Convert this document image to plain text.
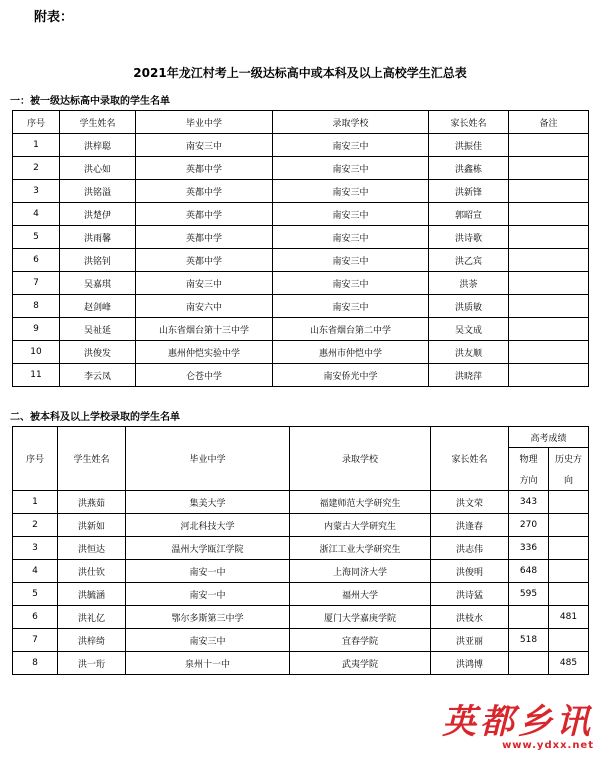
附表：
2021年龙江村考上一级达标高中或本科及以上高校学生汇总表
一：被一级达标高中录取的学生名单
序号	学生姓名	毕业中学	录取学校	家长姓名	备注
1	洪梓聪	南安三中	南安三中	洪振佳	
2	洪心如	英都中学	南安三中	洪鑫栋	
3	洪铭溢	英都中学	南安三中	洪新锋	
4	洪楚伊	英都中学	南安三中	郭昭宣	
5	洪雨馨	英都中学	南安三中	洪诗歌	
6	洪铭钊	英都中学	南安三中	洪乙宾	
7	吴嘉琪	南安三中	南安三中	洪荼	
8	赵剑峰	南安六中	南安三中	洪质敏	
9	吴祉延	山东省烟台第十三中学	山东省烟台第二中学	吴文成	
10	洪俊发	惠州仲恺实验中学	惠州市仲恺中学	洪友顺	
11	李云凤	仑苍中学	南安侨光中学	洪晓萍	
二、被本科及以上学校录取的学生名单
序号	学生姓名	毕业中学	录取学校	家长姓名	高考成绩	
					物理	历史方
					方向	向
1	洪燕茹	集美大学	福建师范大学研究生	洪文荣	343	
2	洪新如	河北科技大学	内蒙古大学研究生	洪逢春	270	
3	洪恒达	温州大学瓯江学院	浙江工业大学研究生	洪志伟	336	
4	洪仕钦	南安一中	上海同济大学	洪俊明	648	
5	洪毓涵	南安一中	福州大学	洪诗猛	595	
6	洪礼亿	鄂尔多斯第三中学	厦门大学嘉庚学院	洪枝水		481
7	洪梓绮	南安三中	宜春学院	洪亚丽	518	
8	洪一珩	泉州十一中	武夷学院	洪鸿博		485
英都乡讯
www.ydxx.net
